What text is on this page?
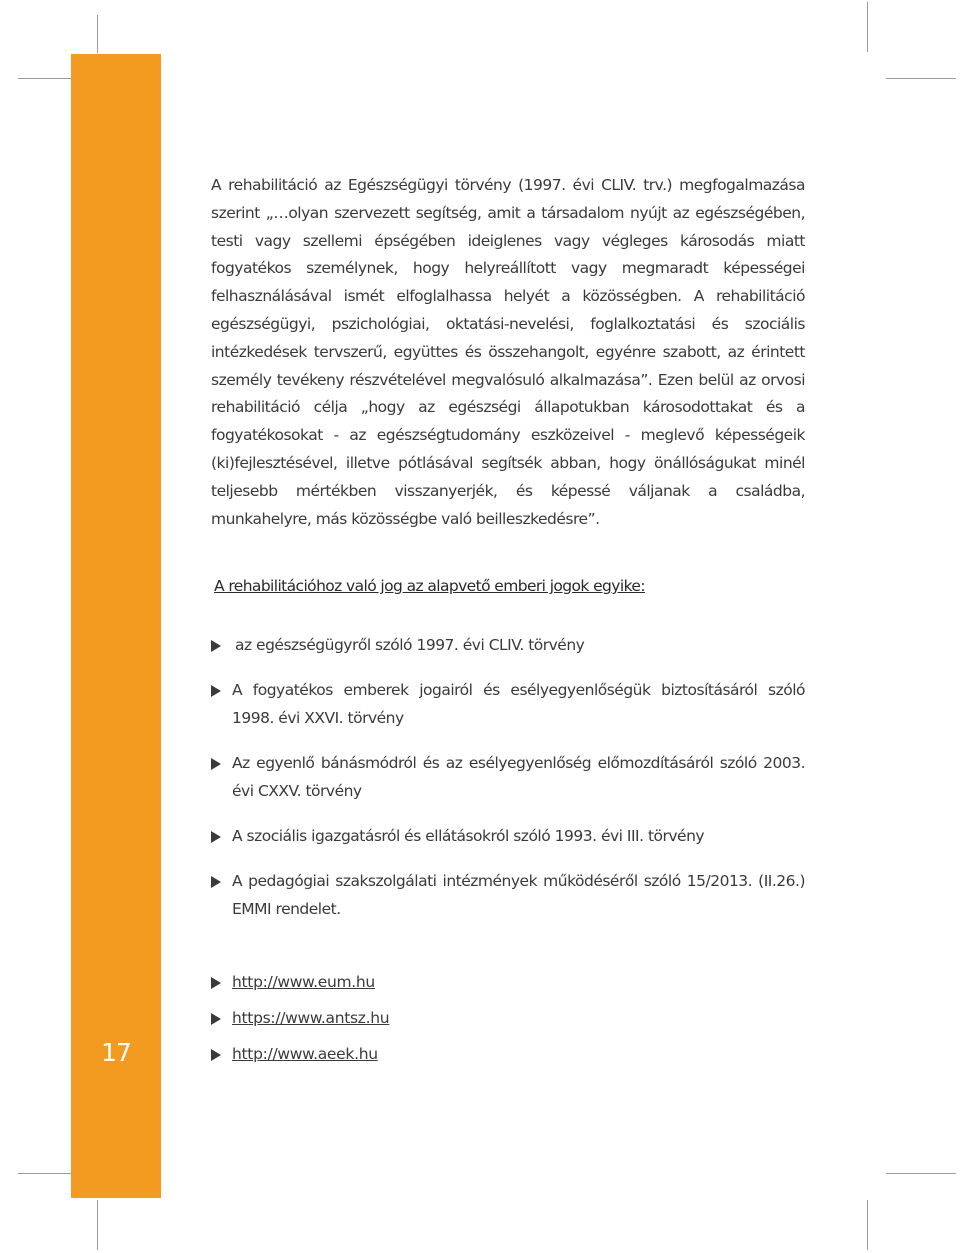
17

A rehabilitáció az Egészségügyi törvény (1997. évi CLIV. trv.) megfogalmazása szerint „…olyan szervezett segítség, amit a társadalom nyújt az egészségében, testi vagy szellemi épségében ideiglenes vagy végleges károsodás miatt fogyatékos személynek, hogy helyreállított vagy megmaradt képességei felhasználásával ismét elfoglalhassa helyét a közösségben. A rehabilitáció egészségügyi, pszichológiai, oktatási-nevelési, foglalkoztatási és szociális intézkedések tervszerű, együttes és összehangolt, egyénre szabott, az érintett személy tevékeny részvételével megvalósuló alkalmazása”. Ezen belül az orvosi rehabilitáció célja „hogy az egészségi állapotukban károsodottakat és a fogyatékosokat - az egészségtudomány eszközeivel - meglevő képességeik (ki)fejlesztésével, illetve pótlásával segítsék abban, hogy önállóságukat minél teljesebb mértékben visszanyerjék, és képessé váljanak a családba, munkahelyre, más közösségbe való beilleszkedésre”.

A rehabilitációhoz való jog az alapvető emberi jogok egyike:
az egészségügyről szóló 1997. évi CLIV. törvény
A fogyatékos emberek jogairól és esélyegyenlőségük biztosításáról szóló 1998. évi XXVI. törvény
Az egyenlő bánásmódról és az esélyegyenlőség előmozdításáról szóló 2003. évi CXXV. törvény
A szociális igazgatásról és ellátásokról szóló 1993. évi III. törvény
A pedagógiai szakszolgálati intézmények működéséről szóló 15/2013. (II.26.) EMMI rendelet.
http://www.eum.hu
https://www.antsz.hu
http://www.aeek.hu
